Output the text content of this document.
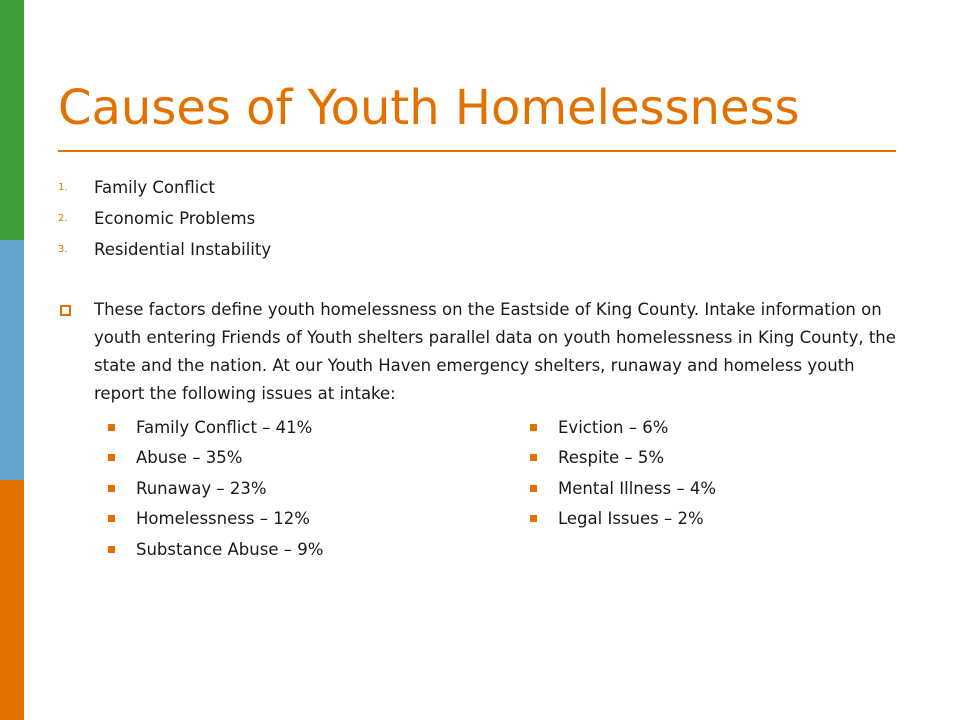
Causes of Youth Homelessness
1.	Family Conflict
2.	Economic Problems
3.	Residential Instability

These factors define youth homelessness on the Eastside of King County. Intake information on youth entering Friends of Youth shelters parallel data on youth homelessness in King County, the state and the nation. At our Youth Haven emergency shelters, runaway and homeless youth report the following issues at intake:

Family Conflict – 41%
Abuse – 35%
Runaway – 23%
Homelessness – 12%
Substance Abuse – 9%
Eviction – 6%
Respite – 5%
Mental Illness – 4%
Legal Issues – 2%
